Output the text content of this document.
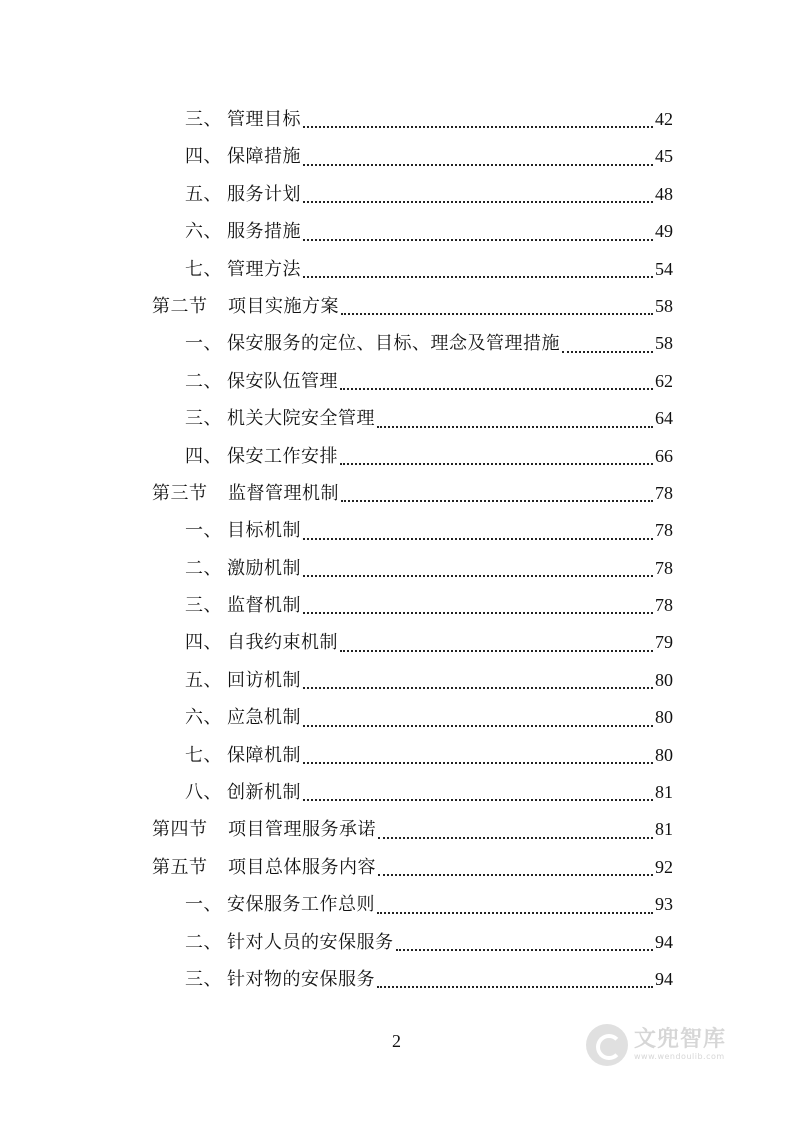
三、 管理目标	42
四、 保障措施	45
五、 服务计划	48
六、 服务措施	49
七、 管理方法	54
第二节 项目实施方案	58
一、 保安服务的定位、目标、理念及管理措施	58
二、 保安队伍管理	62
三、 机关大院安全管理	64
四、 保安工作安排	66
第三节 监督管理机制	78
一、 目标机制	78
二、 激励机制	78
三、 监督机制	78
四、 自我约束机制	79
五、 回访机制	80
六、 应急机制	80
七、 保障机制	80
八、 创新机制	81
第四节 项目管理服务承诺	81
第五节 项目总体服务内容	92
一、 安保服务工作总则	93
二、 针对人员的安保服务	94
三、 针对物的安保服务	94
2	文兜智库
www.wendoulib.com
